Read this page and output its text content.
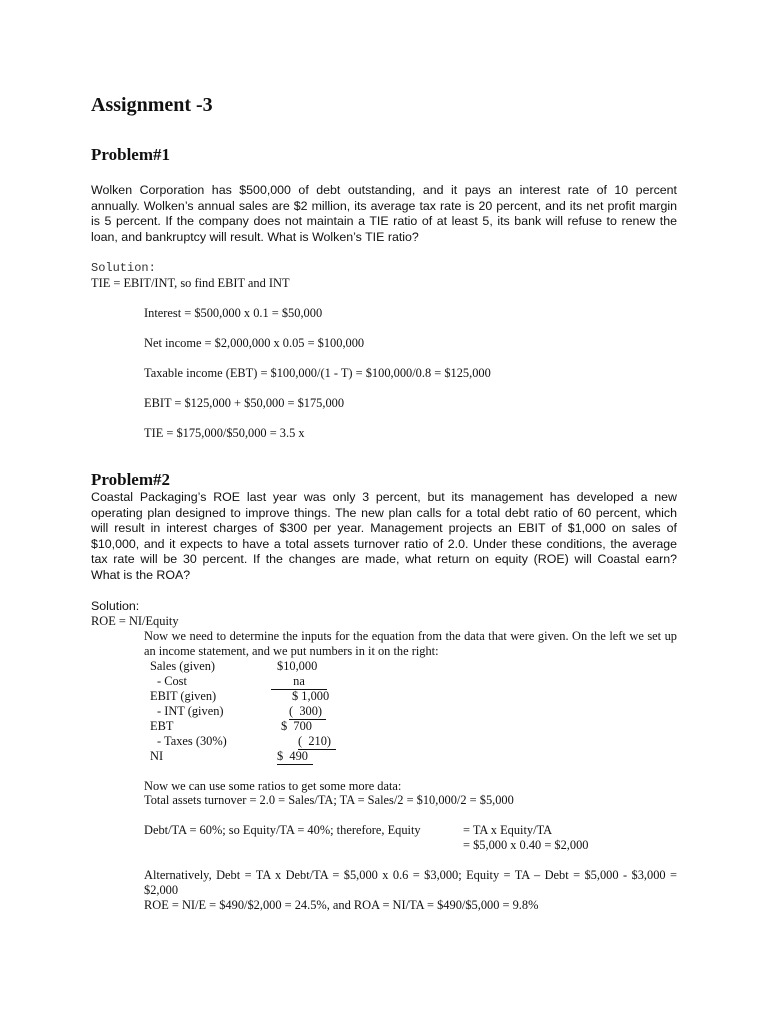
Assignment -3
Problem#1
Wolken Corporation has $500,000 of debt outstanding, and it pays an interest rate of 10 percent
annually. Wolken’s annual sales are $2 million, its average tax rate is 20 percent, and its net profit margin
is 5 percent. If the company does not maintain a TIE ratio of at least 5, its bank will refuse to renew the
loan, and bankruptcy will result. What is Wolken’s TIE ratio?
Solution:
TIE = EBIT/INT, so find EBIT and INT
Interest = $500,000 x 0.1 = $50,000
Net income = $2,000,000 x 0.05 = $100,000
Taxable income (EBT) = $100,000/(1 - T) = $100,000/0.8 = $125,000
EBIT = $125,000 + $50,000 = $175,000
TIE = $175,000/$50,000 = 3.5 x
Problem#2
Coastal Packaging’s ROE last year was only 3 percent, but its management has developed a new
operating plan designed to improve things. The new plan calls for a total debt ratio of 60 percent, which
will result in interest charges of $300 per year. Management projects an EBIT of $1,000 on sales of
$10,000, and it expects to have a total assets turnover ratio of 2.0. Under these conditions, the average
tax rate will be 30 percent. If the changes are made, what return on equity (ROE) will Coastal earn?
What is the ROA?
Solution:
ROE = NI/Equity
Now we need to determine the inputs for the equation from the data that were given. On the left we set up
an income statement, and we put numbers in it on the right:
Sales (given)	$10,000
- Cost	na
EBIT (given)	$ 1,000
- INT (given)	(  300)
EBT	$  700
- Taxes (30%)	(  210)
NI	$  490
Now we can use some ratios to get some more data:
Total assets turnover = 2.0 = Sales/TA; TA = Sales/2 = $10,000/2 = $5,000
Debt/TA = 60%; so Equity/TA = 40%; therefore, Equity	= TA x Equity/TA
= $5,000 x 0.40 = $2,000
Alternatively, Debt = TA x Debt/TA = $5,000 x 0.6 = $3,000; Equity = TA – Debt = $5,000 - $3,000 =
$2,000
ROE = NI/E = $490/$2,000 = 24.5%, and ROA = NI/TA = $490/$5,000 = 9.8%
